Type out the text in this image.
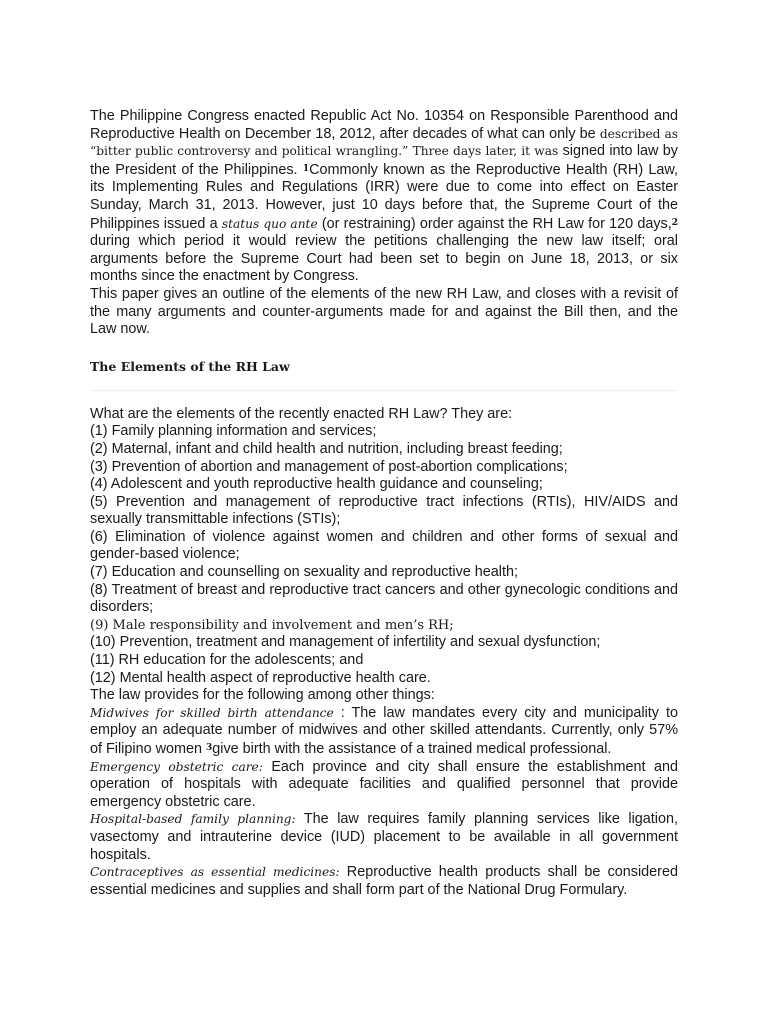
The Philippine Congress enacted Republic Act No. 10354 on Responsible Parenthood and Reproductive Health on December 18, 2012, after decades of what can only be described as “bitter public controversy and political wrangling.” Three days later, it was signed into law by the President of the Philippines. $^1$Commonly known as the Reproductive Health (RH) Law, its Implementing Rules and Regulations (IRR) were due to come into effect on Easter Sunday, March 31, 2013. However, just 10 days before that, the Supreme Court of the Philippines issued a status quo ante (or restraining) order against the RH Law for 120 days,$^2$ during which period it would review the petitions challenging the new law itself; oral arguments before the Supreme Court had been set to begin on June 18, 2013, or six months since the enactment by Congress.

This paper gives an outline of the elements of the new RH Law, and closes with a revisit of the many arguments and counter-arguments made for and against the Bill then, and the Law now.

The Elements of the RH Law

What are the elements of the recently enacted RH Law? They are:

(1) Family planning information and services;

(2) Maternal, infant and child health and nutrition, including breast feeding;

(3) Prevention of abortion and management of post-abortion complications;

(4) Adolescent and youth reproductive health guidance and counseling;

(5) Prevention and management of reproductive tract infections (RTIs), HIV/AIDS and sexually transmittable infections (STIs);

(6) Elimination of violence against women and children and other forms of sexual and gender-based violence;

(7) Education and counselling on sexuality and reproductive health;

(8) Treatment of breast and reproductive tract cancers and other gynecologic conditions and disorders;

(9) Male responsibility and involvement and men’s RH;

(10) Prevention, treatment and management of infertility and sexual dysfunction;

(11) RH education for the adolescents; and

(12) Mental health aspect of reproductive health care.

The law provides for the following among other things:

Midwives for skilled birth attendance : The law mandates every city and municipality to employ an adequate number of midwives and other skilled attendants. Currently, only 57% of Filipino women $^3$give birth with the assistance of a trained medical professional.

Emergency obstetric care: Each province and city shall ensure the establishment and operation of hospitals with adequate facilities and qualified personnel that provide emergency obstetric care.

Hospital-based family planning: The law requires family planning services like ligation, vasectomy and intrauterine device (IUD) placement to be available in all government hospitals.

Contraceptives as essential medicines: Reproductive health products shall be considered essential medicines and supplies and shall form part of the National Drug Formulary.
